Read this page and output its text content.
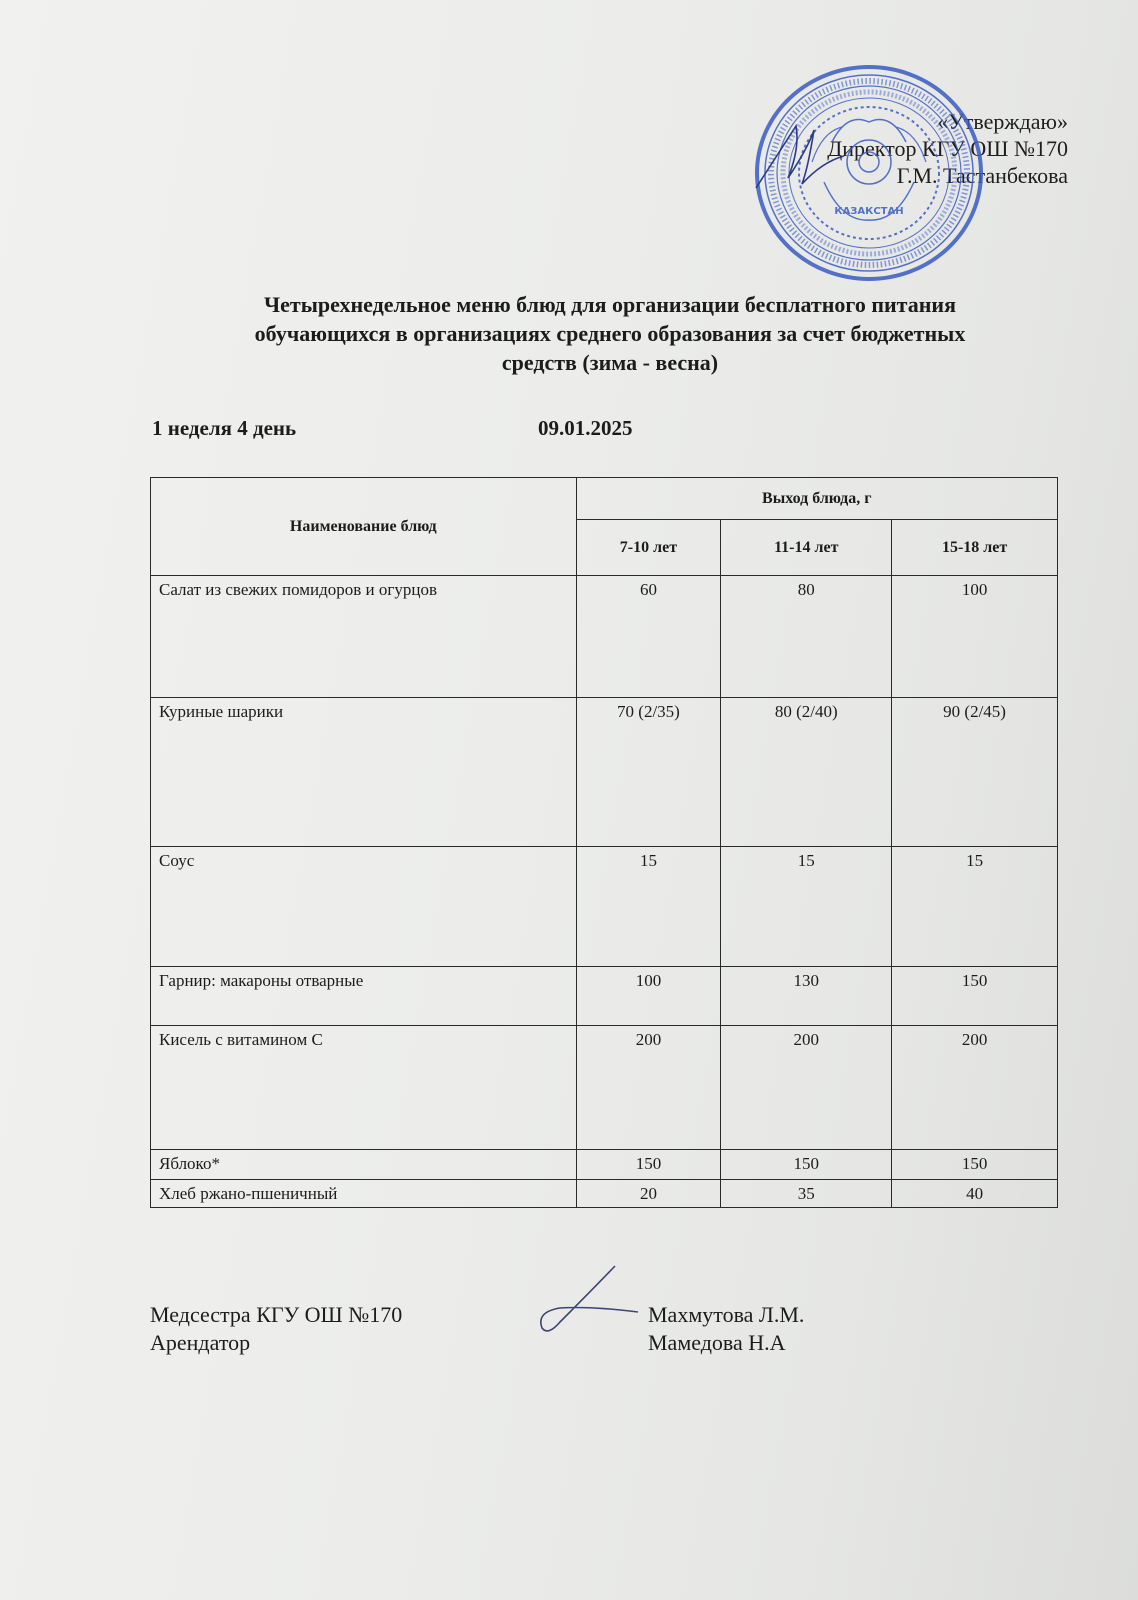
КАЗАКСТАН
«Утверждаю»
Директор КГУ ОШ №170
Г.М. Тастанбекова
Четырехнедельное меню блюд для организации бесплатного питания
обучающихся в организациях среднего образования за счет бюджетных
средств (зима - весна)
1 неделя 4 день	09.01.2025
Наименование блюд	Выход блюда, г		
	7-10 лет	11-14 лет	15-18 лет
Салат из свежих помидоров и огурцов	60	80	100
Куриные шарики	70 (2/35)	80 (2/40)	90 (2/45)
Соус	15	15	15
Гарнир: макароны отварные	100	130	150
Кисель с витамином С	200	200	200
Яблоко*	150	150	150
Хлеб ржано-пшеничный	20	35	40
Медсестра КГУ ОШ №170
Арендатор
Махмутова Л.М.
Мамедова Н.А
